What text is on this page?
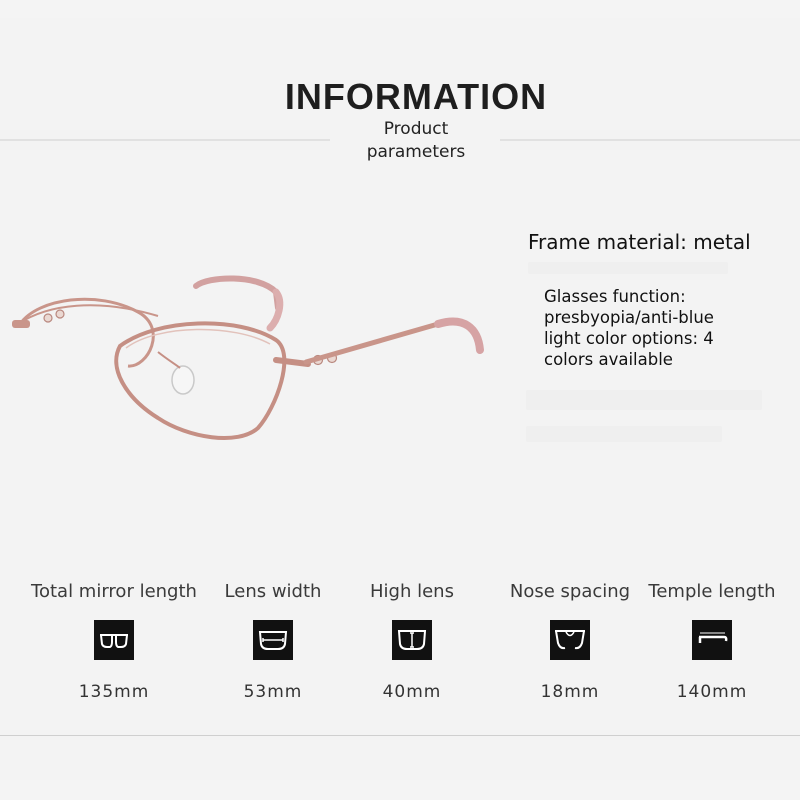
INFORMATION
Product
parameters
Frame material: metal
Glasses function:
presbyopia/anti-blue
light color options: 4
colors available
Total mirror length
135mm
Lens width
53mm
High lens
40mm
Nose spacing
18mm
Temple length
140mm
